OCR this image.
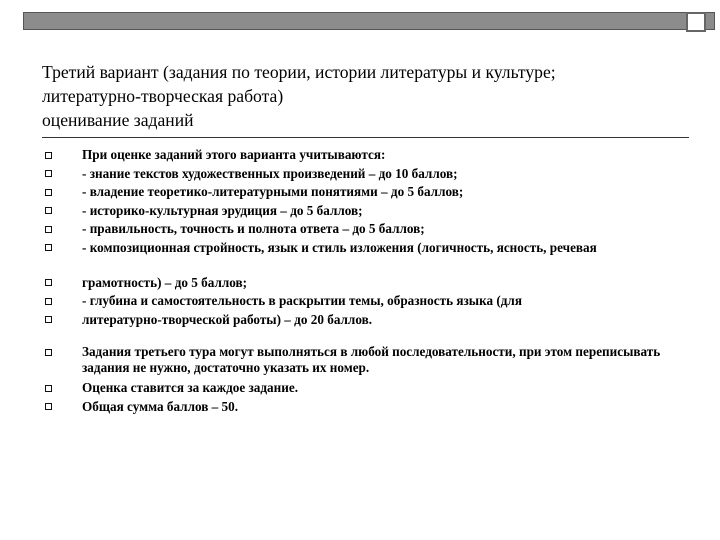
Третий вариант (задания по теории, истории литературы и культуре;
литературно-творческая работа)
оценивание заданий
При оценке заданий этого варианта учитываются:
- знание текстов художественных произведений – до 10 баллов;
- владение теоретико-литературными понятиями – до 5 баллов;
- историко-культурная эрудиция – до 5 баллов;
- правильность, точность и полнота ответа – до 5 баллов;
- композиционная стройность, язык и стиль изложения (логичность, ясность, речевая
грамотность) – до 5 баллов;
- глубина и самостоятельность в раскрытии темы, образность языка (для
литературно-творческой работы) – до 20 баллов.
Задания третьего тура могут выполняться в любой последовательности, при этом переписывать задания не нужно, достаточно указать их номер.
Оценка ставится за каждое задание.
Общая сумма баллов – 50.
